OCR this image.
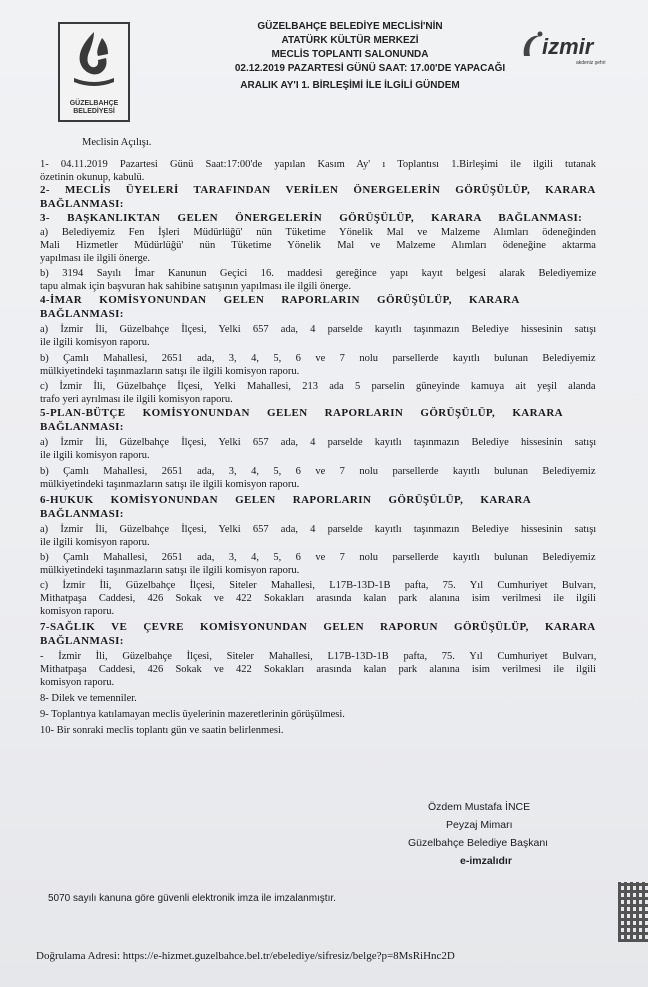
GÜZELBAHÇE
BELEDİYESİ
izmir
akdeniz şehri
GÜZELBAHÇE BELEDİYE MECLİSİ'NİN
ATATÜRK KÜLTÜR MERKEZİ
MECLİS TOPLANTI SALONUNDA
02.12.2019 PAZARTESİ GÜNÜ SAAT: 17.00'DE YAPACAĞI
ARALIK AY'I 1. BİRLEŞİMİ İLE İLGİLİ GÜNDEM
Meclisin Açılışı.
1- 04.11.2019 Pazartesi Günü Saat:17:00'de yapılan Kasım Ay' ı Toplantısı 1.Birleşimi ile ilgili tutanak
özetinin okunup, kabulü.
2- MECLİS ÜYELERİ TARAFINDAN VERİLEN ÖNERGELERİN GÖRÜŞÜLÜP, KARARA
BAĞLANMASI:
3- BAŞKANLIKTAN GELEN ÖNERGELERİN GÖRÜŞÜLÜP, KARARA BAĞLANMASI:
a) Belediyemiz Fen İşleri Müdürlüğü' nün Tüketime Yönelik Mal ve Malzeme Alımları ödeneğinden
Mali Hizmetler Müdürlüğü' nün Tüketime Yönelik Mal ve Malzeme Alımları ödeneğine aktarma
yapılması ile ilgili önerge.
b) 3194 Sayılı İmar Kanunun Geçici 16. maddesi gereğince yapı kayıt belgesi alarak Belediyemize
tapu almak için başvuran hak sahibine satışının yapılması ile ilgili önerge.
4-İMAR KOMİSYONUNDAN GELEN RAPORLARIN GÖRÜŞÜLÜP, KARARA
BAĞLANMASI:
a) İzmir İli, Güzelbahçe İlçesi, Yelki 657 ada, 4 parselde kayıtlı taşınmazın Belediye hissesinin satışı
ile ilgili komisyon raporu.
b) Çamlı Mahallesi, 2651 ada, 3, 4, 5, 6 ve 7 nolu parsellerde kayıtlı bulunan Belediyemiz
mülkiyetindeki taşınmazların satışı ile ilgili komisyon raporu.
c) İzmir İli, Güzelbahçe İlçesi, Yelki Mahallesi, 213 ada 5 parselin güneyinde kamuya ait yeşil alanda
trafo yeri ayrılması ile ilgili komisyon raporu.
5-PLAN-BÜTÇE KOMİSYONUNDAN GELEN RAPORLARIN GÖRÜŞÜLÜP, KARARA
BAĞLANMASI:
a) İzmir İli, Güzelbahçe İlçesi, Yelki 657 ada, 4 parselde kayıtlı taşınmazın Belediye hissesinin satışı
ile ilgili komisyon raporu.
b) Çamlı Mahallesi, 2651 ada, 3, 4, 5, 6 ve 7 nolu parsellerde kayıtlı bulunan Belediyemiz
mülkiyetindeki taşınmazların satışı ile ilgili komisyon raporu.
6-HUKUK KOMİSYONUNDAN GELEN RAPORLARIN GÖRÜŞÜLÜP, KARARA
BAĞLANMASI:
a) İzmir İli, Güzelbahçe İlçesi, Yelki 657 ada, 4 parselde kayıtlı taşınmazın Belediye hissesinin satışı
ile ilgili komisyon raporu.
b) Çamlı Mahallesi, 2651 ada, 3, 4, 5, 6 ve 7 nolu parsellerde kayıtlı bulunan Belediyemiz
mülkiyetindeki taşınmazların satışı ile ilgili komisyon raporu.
c) İzmir İli, Güzelbahçe İlçesi, Siteler Mahallesi, L17B-13D-1B pafta, 75. Yıl Cumhuriyet Bulvarı,
Mithatpaşa Caddesi, 426 Sokak ve 422 Sokakları arasında kalan park alanına isim verilmesi ile ilgili
komisyon raporu.
7-SAĞLIK VE ÇEVRE KOMİSYONUNDAN GELEN RAPORUN GÖRÜŞÜLÜP, KARARA
BAĞLANMASI:
- İzmir İli, Güzelbahçe İlçesi, Siteler Mahallesi, L17B-13D-1B pafta, 75. Yıl Cumhuriyet Bulvarı,
Mithatpaşa Caddesi, 426 Sokak ve 422 Sokakları arasında kalan park alanına isim verilmesi ile ilgili
komisyon raporu.
8- Dilek ve temenniler.
9- Toplantıya katılamayan meclis üyelerinin mazeretlerinin görüşülmesi.
10- Bir sonraki meclis toplantı gün ve saatin belirlenmesi.
Özdem Mustafa İNCE
Peyzaj Mimarı
Güzelbahçe Belediye Başkanı
e-imzalıdır
5070 sayılı kanuna göre güvenli elektronik imza ile imzalanmıştır.
Doğrulama Adresi: https://e-hizmet.guzelbahce.bel.tr/ebelediye/sifresiz/belge?p=8MsRiHnc2D
